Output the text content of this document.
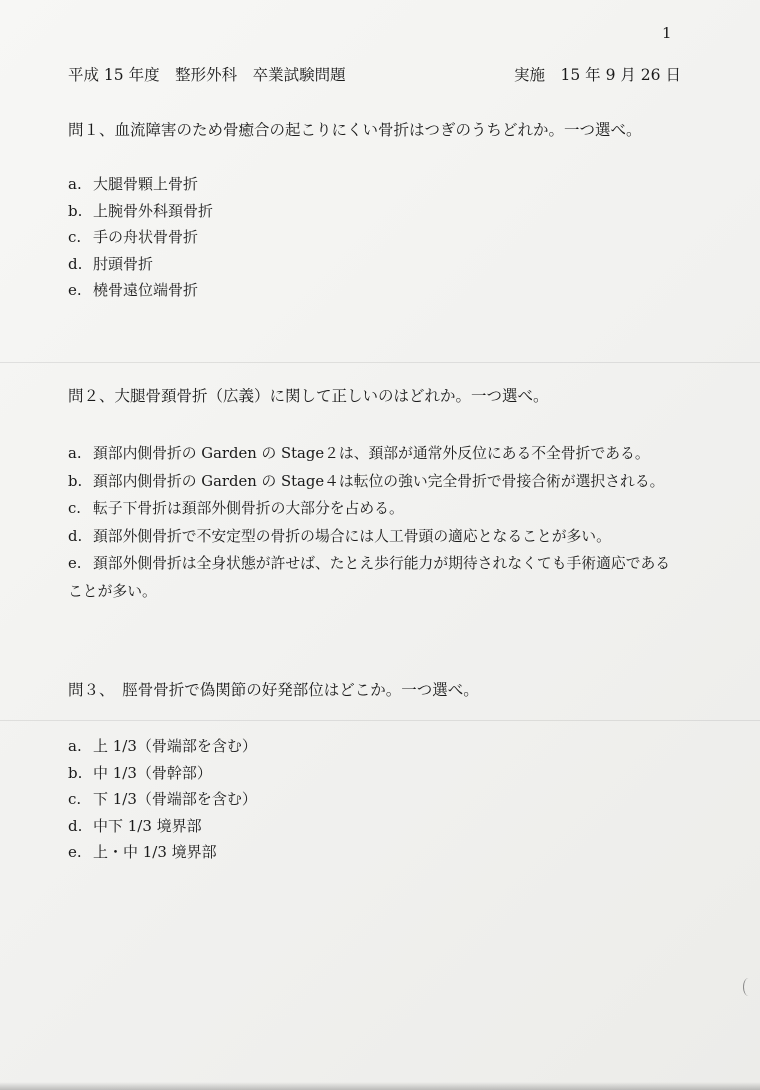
1
平成 15 年度　整形外科　卒業試験問題	実施　15 年 9 月 26 日
問１、血流障害のため骨癒合の起こりにくい骨折はつぎのうちどれか。一つ選べ。
a. 大腿骨顆上骨折
b. 上腕骨外科頚骨折
c. 手の舟状骨骨折
d. 肘頭骨折
e. 橈骨遠位端骨折
問２、大腿骨頚骨折（広義）に関して正しいのはどれか。一つ選べ。
a. 頚部内側骨折の Garden の Stage２は、頚部が通常外反位にある不全骨折である。
b. 頚部内側骨折の Garden の Stage４は転位の強い完全骨折で骨接合術が選択される。
c. 転子下骨折は頚部外側骨折の大部分を占める。
d. 頚部外側骨折で不安定型の骨折の場合には人工骨頭の適応となることが多い。
e. 頚部外側骨折は全身状態が許せば、たとえ歩行能力が期待されなくても手術適応であることが多い。
問３、　脛骨骨折で偽関節の好発部位はどこか。一つ選べ。
a. 上 1/3（骨端部を含む）
b. 中 1/3（骨幹部）
c. 下 1/3（骨端部を含む）
d. 中下 1/3 境界部
e. 上・中 1/3 境界部
